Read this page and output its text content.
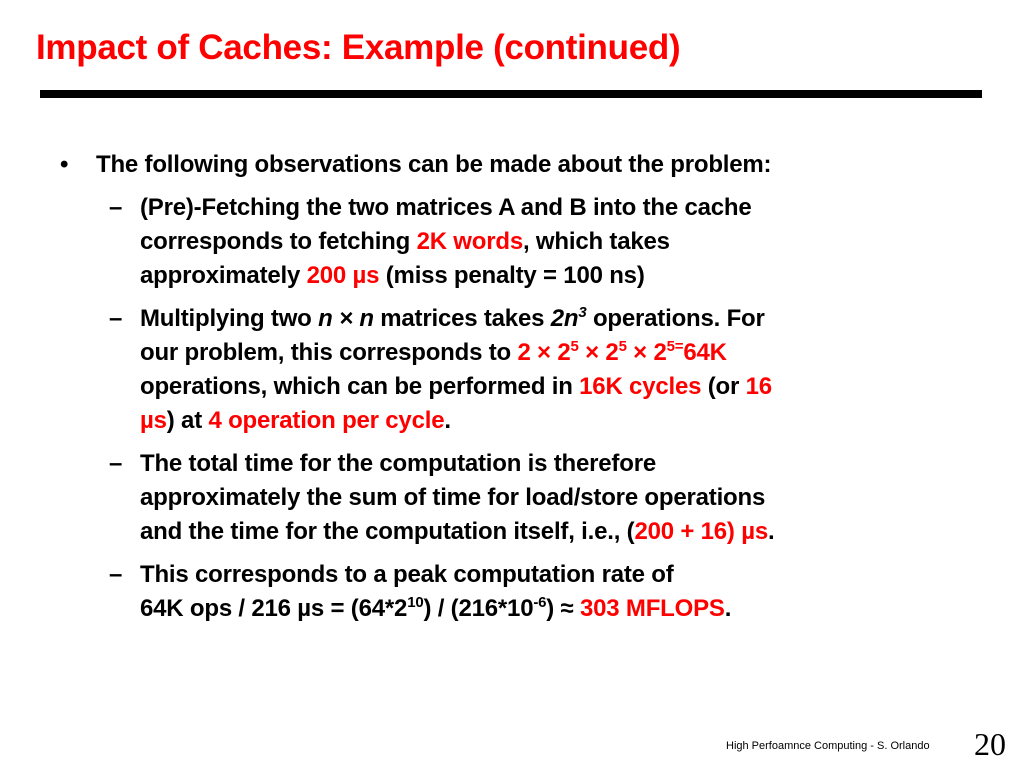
Impact of Caches: Example (continued)
• The following observations can be made about the problem:
– (Pre)-Fetching the two matrices A and B into the cache
corresponds to fetching 2K words, which takes
approximately 200 µs (miss penalty = 100 ns)
– Multiplying two n × n matrices takes $2n^3$ operations. For
our problem, this corresponds to $2 \times 2^5 \times 2^5 \times 2^{5=}64K$
operations, which can be performed in 16K cycles (or 16
µs) at 4 operation per cycle.
– The total time for the computation is therefore
approximately the sum of time for load/store operations
and the time for the computation itself, i.e., (200 + 16) µs.
– This corresponds to a peak computation rate of
64K ops / 216 $\mu s = (64*2^{10}) / (216*10^{-6}) \approx 303$ MFLOPS.
High Perfoamnce Computing - S. Orlando 20
